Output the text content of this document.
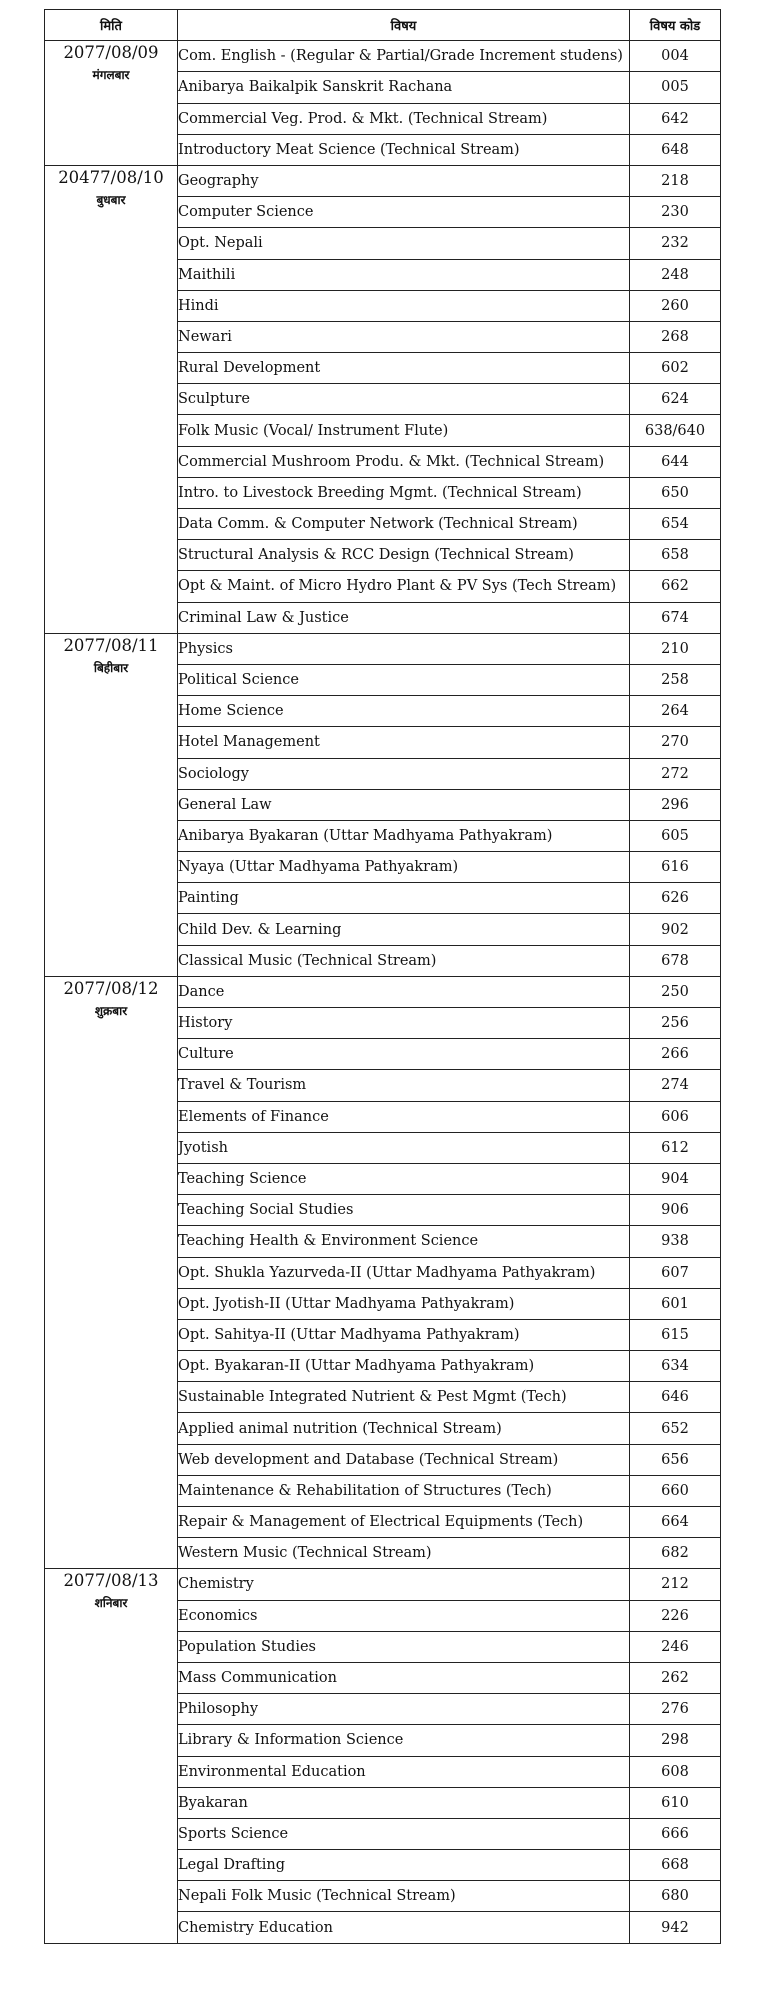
मिति	विषय	विषय कोड

2077/08/09
मंगलबार	Com. English - (Regular & Partial/Grade Increment studens)	004
	Anibarya Baikalpik Sanskrit Rachana	005
	Commercial Veg. Prod. & Mkt. (Technical Stream)	642
	Introductory Meat Science (Technical Stream)	648

20477/08/10
बुधबार	Geography	218
	Computer Science	230
	Opt. Nepali	232
	Maithili	248
	Hindi	260
	Newari	268
	Rural Development	602
	Sculpture	624
	Folk Music (Vocal/ Instrument Flute)	638/640
	Commercial Mushroom Produ. & Mkt. (Technical Stream)	644
	Intro. to Livestock Breeding Mgmt. (Technical Stream)	650
	Data Comm. & Computer Network (Technical Stream)	654
	Structural Analysis & RCC Design (Technical Stream)	658
	Opt & Maint. of Micro Hydro Plant & PV Sys (Tech Stream)	662
	Criminal Law & Justice	674

2077/08/11
बिहीबार	Physics	210
	Political Science	258
	Home Science	264
	Hotel Management	270
	Sociology	272
	General Law	296
	Anibarya Byakaran (Uttar Madhyama Pathyakram)	605
	Nyaya (Uttar Madhyama Pathyakram)	616
	Painting	626
	Child Dev. & Learning	902
	Classical Music (Technical Stream)	678

2077/08/12
शुक्रबार	Dance	250
	History	256
	Culture	266
	Travel & Tourism	274
	Elements of Finance	606
	Jyotish	612
	Teaching Science	904
	Teaching Social Studies	906
	Teaching Health & Environment Science	938
	Opt. Shukla Yazurveda-II (Uttar Madhyama Pathyakram)	607
	Opt. Jyotish-II (Uttar Madhyama Pathyakram)	601
	Opt. Sahitya-II (Uttar Madhyama Pathyakram)	615
	Opt. Byakaran-II (Uttar Madhyama Pathyakram)	634
	Sustainable Integrated Nutrient & Pest Mgmt (Tech)	646
	Applied animal nutrition (Technical Stream)	652
	Web development and Database (Technical Stream)	656
	Maintenance & Rehabilitation of Structures (Tech)	660
	Repair & Management of Electrical Equipments (Tech)	664
	Western Music (Technical Stream)	682

2077/08/13
शनिबार	Chemistry	212
	Economics	226
	Population Studies	246
	Mass Communication	262
	Philosophy	276
	Library & Information Science	298
	Environmental Education	608
	Byakaran	610
	Sports Science	666
	Legal Drafting	668
	Nepali Folk Music (Technical Stream)	680
	Chemistry Education	942
